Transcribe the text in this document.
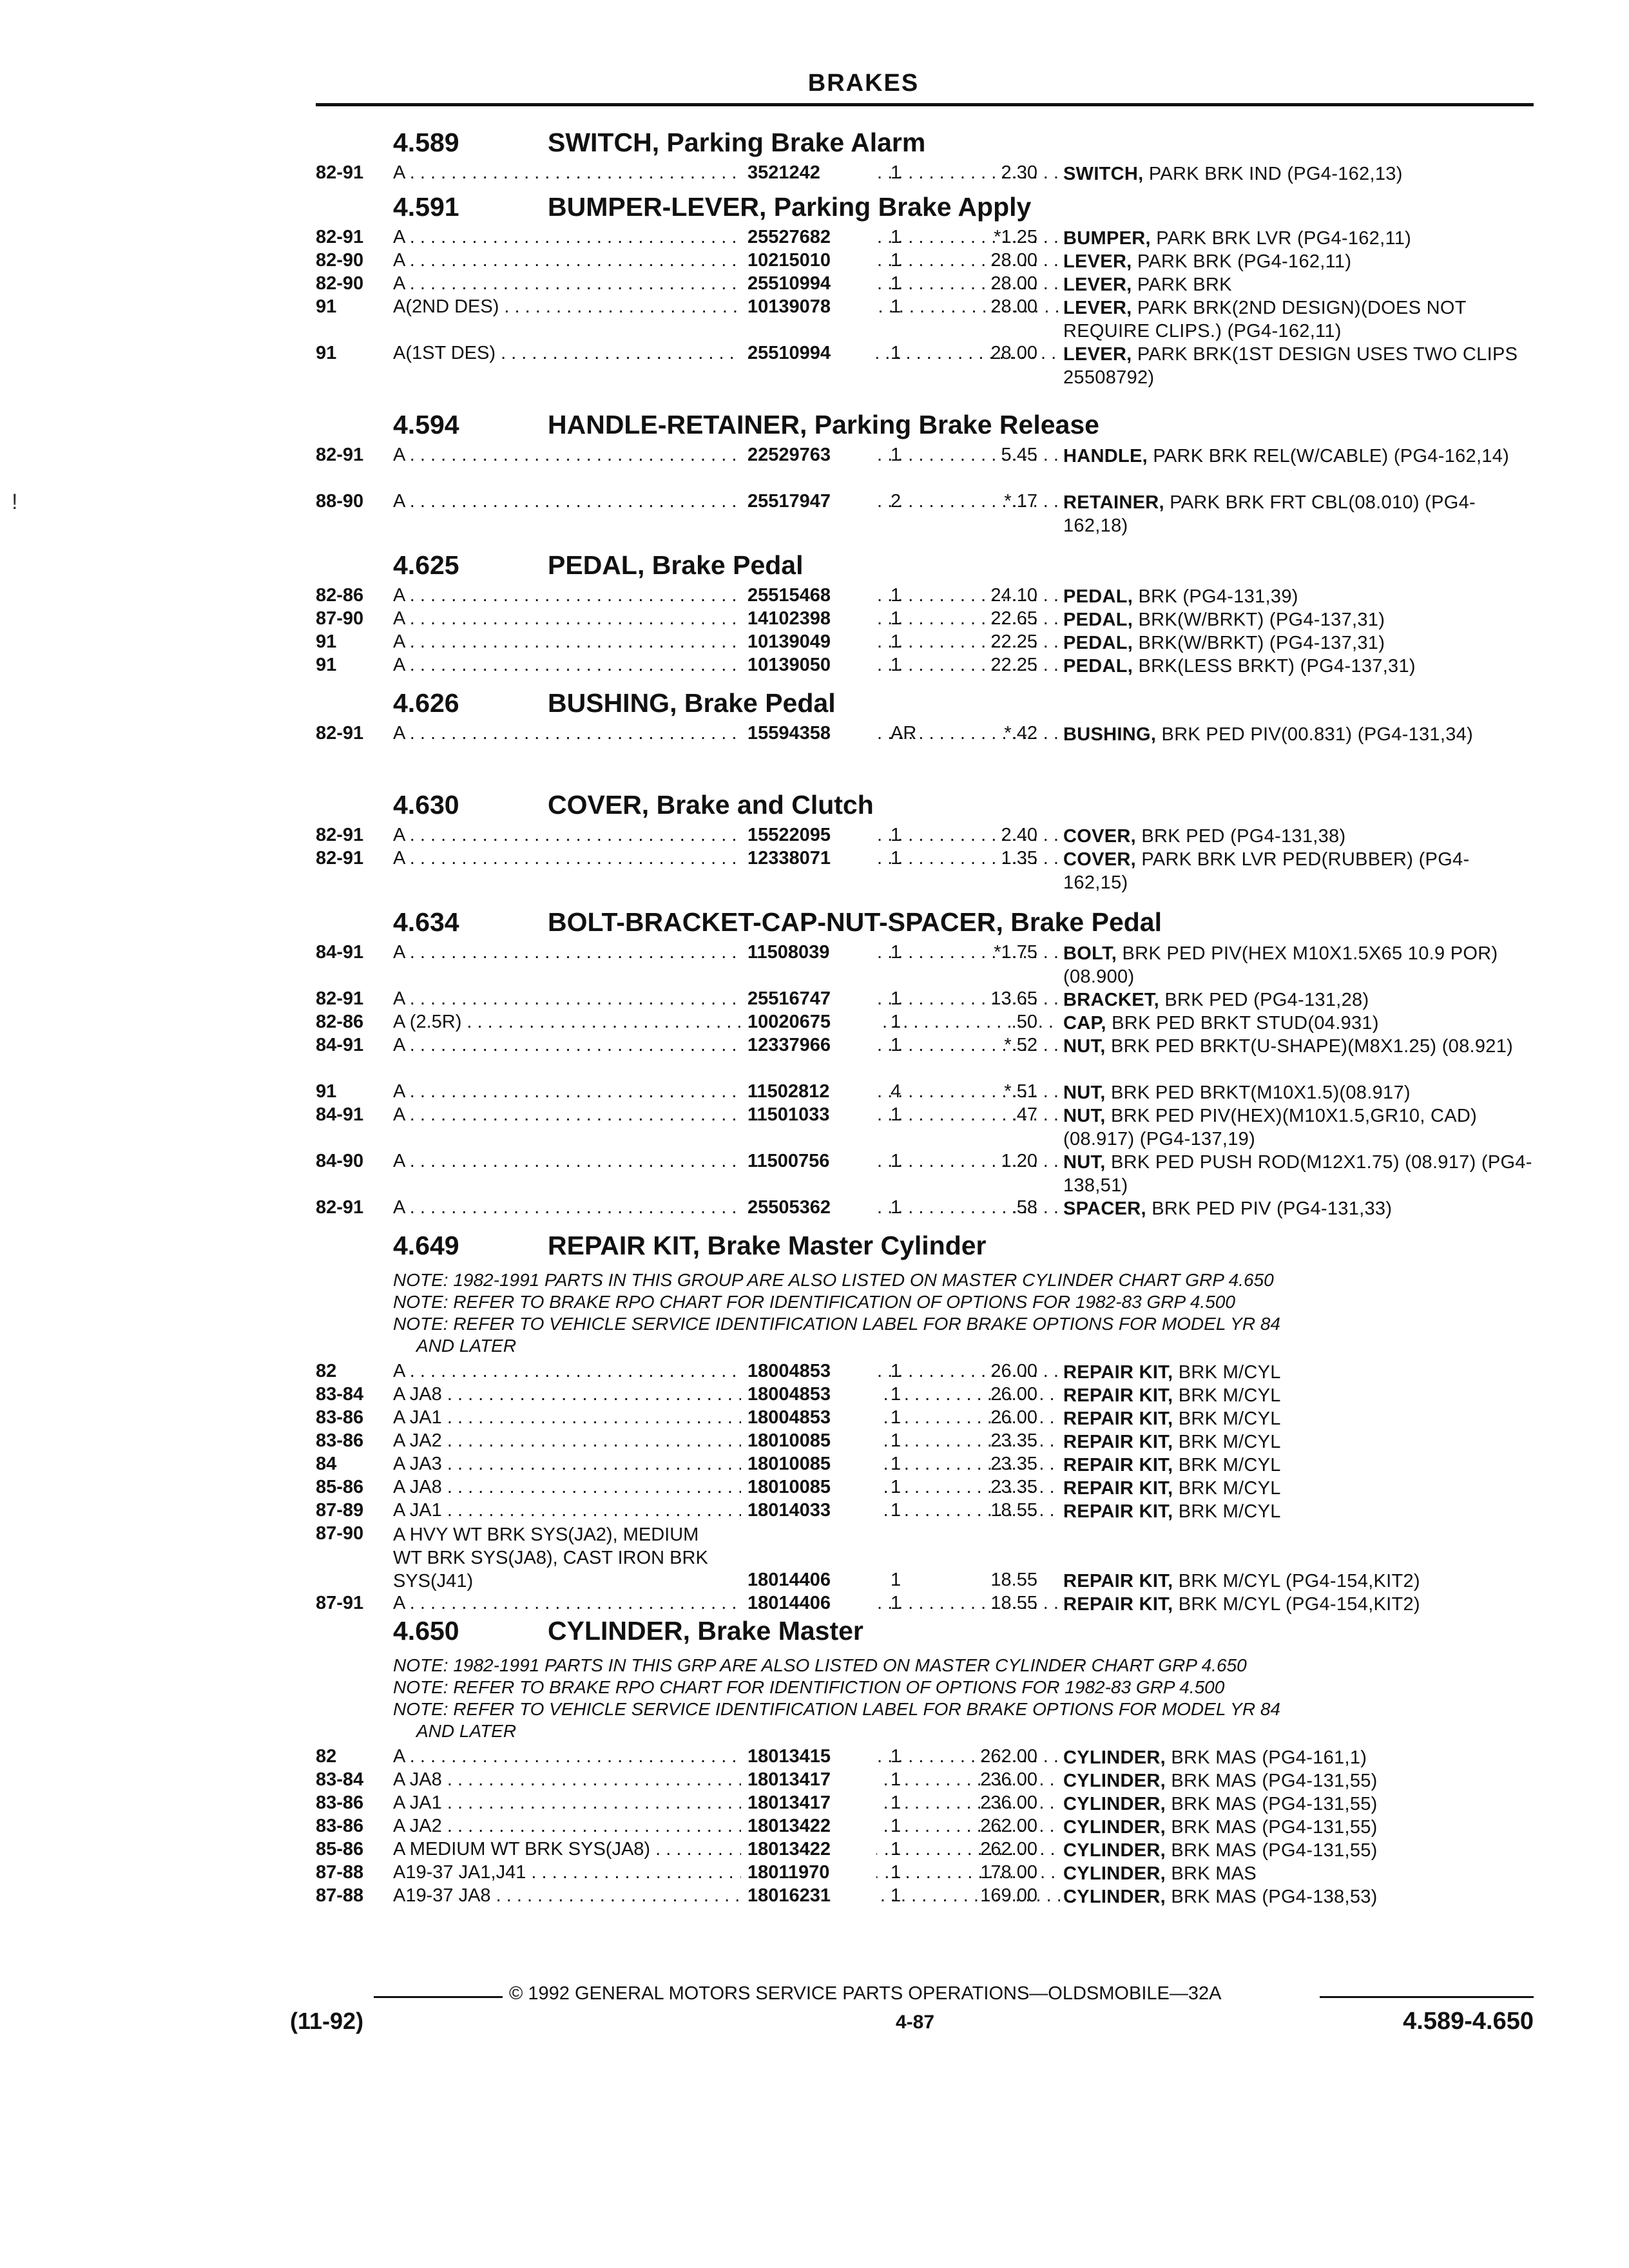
BRAKES
!
4.589	SWITCH, Parking Brake Alarm
82-91 A . . .	3521242	1	2.30 SWITCH, PARK BRK IND (PG4-162,13)
4.591	BUMPER-LEVER, Parking Brake Apply
82-91 A . . .	25527682	1	*1.25 BUMPER, PARK BRK LVR (PG4-162,11)
82-90 A . . .	10215010	1	28.00 LEVER, PARK BRK (PG4-162,11)
82-90 A . . .	25510994	1	28.00 LEVER, PARK BRK
91	A(2ND DES) . . .	10139078	1	28.00 LEVER, PARK BRK(2ND DESIGN)(DOES NOT REQUIRE CLIPS.) (PG4-162,11)
91	A(1ST DES) . . .	25510994	1	28.00 LEVER, PARK BRK(1ST DESIGN USES TWO CLIPS 25508792)
4.594	HANDLE-RETAINER, Parking Brake Release
82-91 A . . .	22529763	1	5.45 HANDLE, PARK BRK REL(W/CABLE) (PG4-162,14)
88-90 A . . .	25517947	2	*.17 RETAINER, PARK BRK FRT CBL(08.010) (PG4-162,18)
4.625	PEDAL, Brake Pedal
82-86 A . . .	25515468	1	24.10 PEDAL, BRK (PG4-131,39)
87-90 A . . .	14102398	1	22.65 PEDAL, BRK(W/BRKT) (PG4-137,31)
91	A . . .	10139049	1	22.25 PEDAL, BRK(W/BRKT) (PG4-137,31)
91	A . . .	10139050	1	22.25 PEDAL, BRK(LESS BRKT) (PG4-137,31)
4.626	BUSHING, Brake Pedal
82-91 A . . .	15594358	AR	*.42 BUSHING, BRK PED PIV(00.831) (PG4-131,34)
4.630	COVER, Brake and Clutch
82-91 A . . .	15522095	1	2.40 COVER, BRK PED (PG4-131,38)
82-91 A . . .	12338071	1	1.35 COVER, PARK BRK LVR PED(RUBBER) (PG4-162,15)
4.634	BOLT-BRACKET-CAP-NUT-SPACER, Brake Pedal
84-91 A . . .	11508039	1	*1.75 BOLT, BRK PED PIV(HEX M10X1.5X65 10.9 POR)(08.900)
82-91 A . . .	25516747	1	13.65 BRACKET, BRK PED (PG4-131,28)
82-86 A (2.5R) . . .	10020675	1	.50 CAP, BRK PED BRKT STUD(04.931)
84-91 A . . .	12337966	1	*.52 NUT, BRK PED BRKT(U-SHAPE)(M8X1.25) (08.921)
91	A . . .	11502812	4	*.51 NUT, BRK PED BRKT(M10X1.5)(08.917)
84-91 A . . .	11501033	1	.47 NUT, BRK PED PIV(HEX)(M10X1.5,GR10, CAD)(08.917) (PG4-137,19)
84-90 A . . .	11500756	1	1.20 NUT, BRK PED PUSH ROD(M12X1.75) (08.917) (PG4-138,51)
82-91 A . . .	25505362	1	.58 SPACER, BRK PED PIV (PG4-131,33)
4.649	REPAIR KIT, Brake Master Cylinder
NOTE: 1982-1991 PARTS IN THIS GROUP ARE ALSO LISTED ON MASTER CYLINDER CHART GRP 4.650
NOTE: REFER TO BRAKE RPO CHART FOR IDENTIFICATION OF OPTIONS FOR 1982-83 GRP 4.500
NOTE: REFER TO VEHICLE SERVICE IDENTIFICATION LABEL FOR BRAKE OPTIONS FOR MODEL YR 84
AND LATER
82	A . . .	18004853	1	26.00 REPAIR KIT, BRK M/CYL
83-84 A JA8 . . .	18004853	1	26.00 REPAIR KIT, BRK M/CYL
83-86 A JA1 . . .	18004853	1	26.00 REPAIR KIT, BRK M/CYL
83-86 A JA2 . . .	18010085	1	23.35 REPAIR KIT, BRK M/CYL
84	A JA3 . . .	18010085	1	23.35 REPAIR KIT, BRK M/CYL
85-86 A JA8 . . .	18010085	1	23.35 REPAIR KIT, BRK M/CYL
87-89 A JA1 . . .	18014033	1	18.55 REPAIR KIT, BRK M/CYL
87-90 A HVY WT BRK SYS(JA2), MEDIUM WT BRK SYS(JA8), CAST IRON BRK SYS(J41)	18014406	1	18.55 REPAIR KIT, BRK M/CYL (PG4-154,KIT2)
87-91 A . . .	18014406	1	18.55 REPAIR KIT, BRK M/CYL (PG4-154,KIT2)
4.650	CYLINDER, Brake Master
NOTE: 1982-1991 PARTS IN THIS GRP ARE ALSO LISTED ON MASTER CYLINDER CHART GRP 4.650
NOTE: REFER TO BRAKE RPO CHART FOR IDENTIFICTION OF OPTIONS FOR 1982-83 GRP 4.500
NOTE: REFER TO VEHICLE SERVICE IDENTIFICATION LABEL FOR BRAKE OPTIONS FOR MODEL YR 84
AND LATER
82	A . . .	18013415	1	262.00 CYLINDER, BRK MAS (PG4-161,1)
83-84 A JA8 . . .	18013417	1	236.00 CYLINDER, BRK MAS (PG4-131,55)
83-86 A JA1 . . .	18013417	1	236.00 CYLINDER, BRK MAS (PG4-131,55)
83-86 A JA2 . . .	18013422	1	262.00 CYLINDER, BRK MAS (PG4-131,55)
85-86 A MEDIUM WT BRK SYS(JA8) . . .	18013422	1	262.00 CYLINDER, BRK MAS (PG4-131,55)
87-88 A19-37 JA1,J41 . . .	18011970	1	178.00 CYLINDER, BRK MAS
87-88 A19-37 JA8 . . .	18016231	1	169.00 CYLINDER, BRK MAS (PG4-138,53)
© 1992 GENERAL MOTORS SERVICE PARTS OPERATIONS—OLDSMOBILE—32A
(11-92)	4-87	4.589-4.650
